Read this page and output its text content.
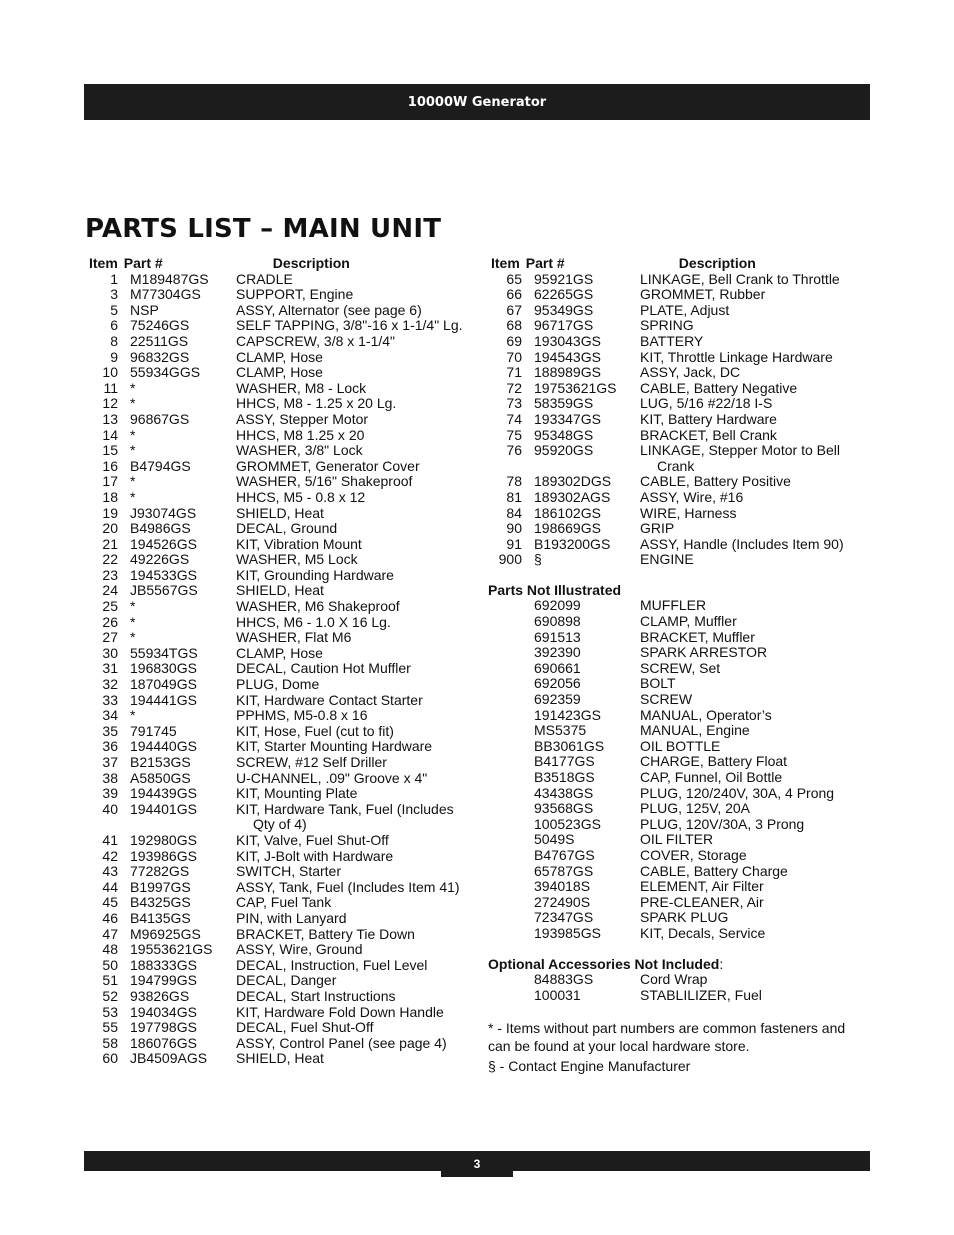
10000W Generator
PARTS LIST – MAIN UNIT
Item Part #	Description
1 M189487GS	CRADLE
3 M77304GS	SUPPORT, Engine
5 NSP	ASSY, Alternator (see page 6)
6 75246GS	SELF TAPPING, 3/8"-16 x 1-1/4" Lg.
8 22511GS	CAPSCREW, 3/8 x 1-1/4"
9 96832GS	CLAMP, Hose
10 55934GGS	CLAMP, Hose
11 *	WASHER, M8 - Lock
12 *	HHCS, M8 - 1.25 x 20 Lg.
13 96867GS	ASSY, Stepper Motor
14 *	HHCS, M8 1.25 x 20
15 *	WASHER, 3/8" Lock
16 B4794GS	GROMMET, Generator Cover
17 *	WASHER, 5/16" Shakeproof
18 *	HHCS, M5 - 0.8 x 12
19 J93074GS	SHIELD, Heat
20 B4986GS	DECAL, Ground
21 194526GS	KIT, Vibration Mount
22 49226GS	WASHER, M5 Lock
23 194533GS	KIT, Grounding Hardware
24 JB5567GS	SHIELD, Heat
25 *	WASHER, M6 Shakeproof
26 *	HHCS, M6 - 1.0 X 16 Lg.
27 *	WASHER, Flat M6
30 55934TGS	CLAMP, Hose
31 196830GS	DECAL, Caution Hot Muffler
32 187049GS	PLUG, Dome
33 194441GS	KIT, Hardware Contact Starter
34 *	PPHMS, M5-0.8 x 16
35 791745	KIT, Hose, Fuel (cut to fit)
36 194440GS	KIT, Starter Mounting Hardware
37 B2153GS	SCREW, #12 Self Driller
38 A5850GS	U-CHANNEL, .09" Groove x 4"
39 194439GS	KIT, Mounting Plate
40 194401GS	KIT, Hardware Tank, Fuel (Includes
Qty of 4)
41 192980GS	KIT, Valve, Fuel Shut-Off
42 193986GS	KIT, J-Bolt with Hardware
43 77282GS	SWITCH, Starter
44 B1997GS	ASSY, Tank, Fuel (Includes Item 41)
45 B4325GS	CAP, Fuel Tank
46 B4135GS	PIN, with Lanyard
47 M96925GS	BRACKET, Battery Tie Down
48 19553621GS	ASSY, Wire, Ground
50 188333GS	DECAL, Instruction, Fuel Level
51 194799GS	DECAL, Danger
52 93826GS	DECAL, Start Instructions
53 194034GS	KIT, Hardware Fold Down Handle
55 197798GS	DECAL, Fuel Shut-Off
58 186076GS	ASSY, Control Panel (see page 4)
60 JB4509AGS	SHIELD, Heat
Item Part #	Description
65 95921GS	LINKAGE, Bell Crank to Throttle
66 62265GS	GROMMET, Rubber
67 95349GS	PLATE, Adjust
68 96717GS	SPRING
69 193043GS	BATTERY
70 194543GS	KIT, Throttle Linkage Hardware
71 188989GS	ASSY, Jack, DC
72 19753621GS	CABLE, Battery Negative
73 58359GS	LUG, 5/16 #22/18 I-S
74 193347GS	KIT, Battery Hardware
75 95348GS	BRACKET, Bell Crank
76 95920GS	LINKAGE, Stepper Motor to Bell
Crank
78 189302DGS	CABLE, Battery Positive
81 189302AGS	ASSY, Wire, #16
84 186102GS	WIRE, Harness
90 198669GS	GRIP
91 B193200GS	ASSY, Handle (Includes Item 90)
900 §	ENGINE
Parts Not Illustrated
692099	MUFFLER
690898	CLAMP, Muffler
691513	BRACKET, Muffler
392390	SPARK ARRESTOR
690661	SCREW, Set
692056	BOLT
692359	SCREW
191423GS	MANUAL, Operator’s
MS5375	MANUAL, Engine
BB3061GS	OIL BOTTLE
B4177GS	CHARGE, Battery Float
B3518GS	CAP, Funnel, Oil Bottle
43438GS	PLUG, 120/240V, 30A, 4 Prong
93568GS	PLUG, 125V, 20A
100523GS	PLUG, 120V/30A, 3 Prong
5049S	OIL FILTER
B4767GS	COVER, Storage
65787GS	CABLE, Battery Charge
394018S	ELEMENT, Air Filter
272490S	PRE-CLEANER, Air
72347GS	SPARK PLUG
193985GS	KIT, Decals, Service
Optional Accessories Not Included:
84883GS	Cord Wrap
100031	STABLILIZER, Fuel
* - Items without part numbers are common fasteners and can be found at your local hardware store.
§ - Contact Engine Manufacturer
3
